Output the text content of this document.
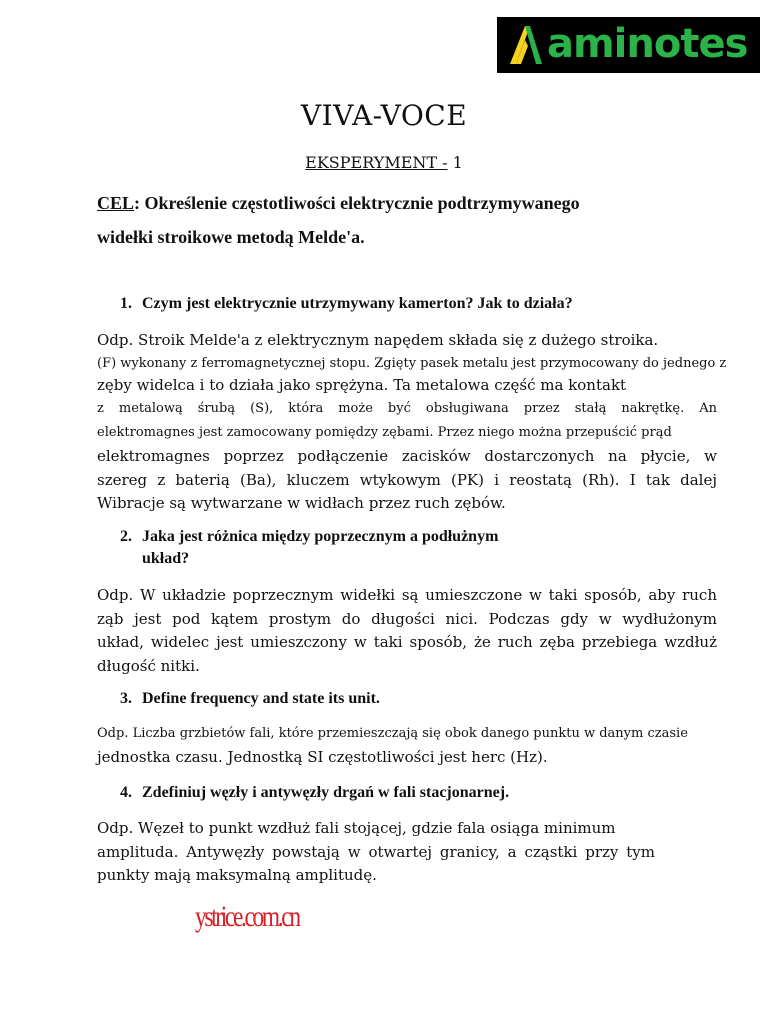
aminotes
VIVA-VOCE
EKSPERYMENT - 1
CEL: Określenie częstotliwości elektrycznie podtrzymywanego
widełki stroikowe metodą Melde'a.
1. Czym jest elektrycznie utrzymywany kamerton? Jak to działa?
Odp. Stroik Melde'a z elektrycznym napędem składa się z dużego stroika.
(F) wykonany z ferromagnetycznej stopu. Zgięty pasek metalu jest przymocowany do jednego z
zęby widelca i to działa jako sprężyna. Ta metalowa część ma kontakt
z metalową śrubą (S), która może być obsługiwana przez stałą nakrętkę. An
elektromagnes jest zamocowany pomiędzy zębami. Przez niego można przepuścić prąd
elektromagnes poprzez podłączenie zacisków dostarczonych na płycie, w
szereg z baterią (Ba), kluczem wtykowym (PK) i reostatą (Rh). I tak dalej
Wibracje są wytwarzane w widłach przez ruch zębów.
2. Jaka jest różnica między poprzecznym a podłużnym
układ?
Odp. W układzie poprzecznym widełki są umieszczone w taki sposób, aby ruch
ząb jest pod kątem prostym do długości nici. Podczas gdy w wydłużonym
układ, widelec jest umieszczony w taki sposób, że ruch zęba przebiega wzdłuż
długość nitki.
3. Define frequency and state its unit.
Odp. Liczba grzbietów fali, które przemieszczają się obok danego punktu w danym czasie
jednostka czasu. Jednostką SI częstotliwości jest herc (Hz).
4. Zdefiniuj węzły i antywęzły drgań w fali stacjonarnej.
Odp. Węzeł to punkt wzdłuż fali stojącej, gdzie fala osiąga minimum
amplituda. Antywęzły powstają w otwartej granicy, a cząstki przy tym
punkty mają maksymalną amplitudę.
ystrice.com.cn
